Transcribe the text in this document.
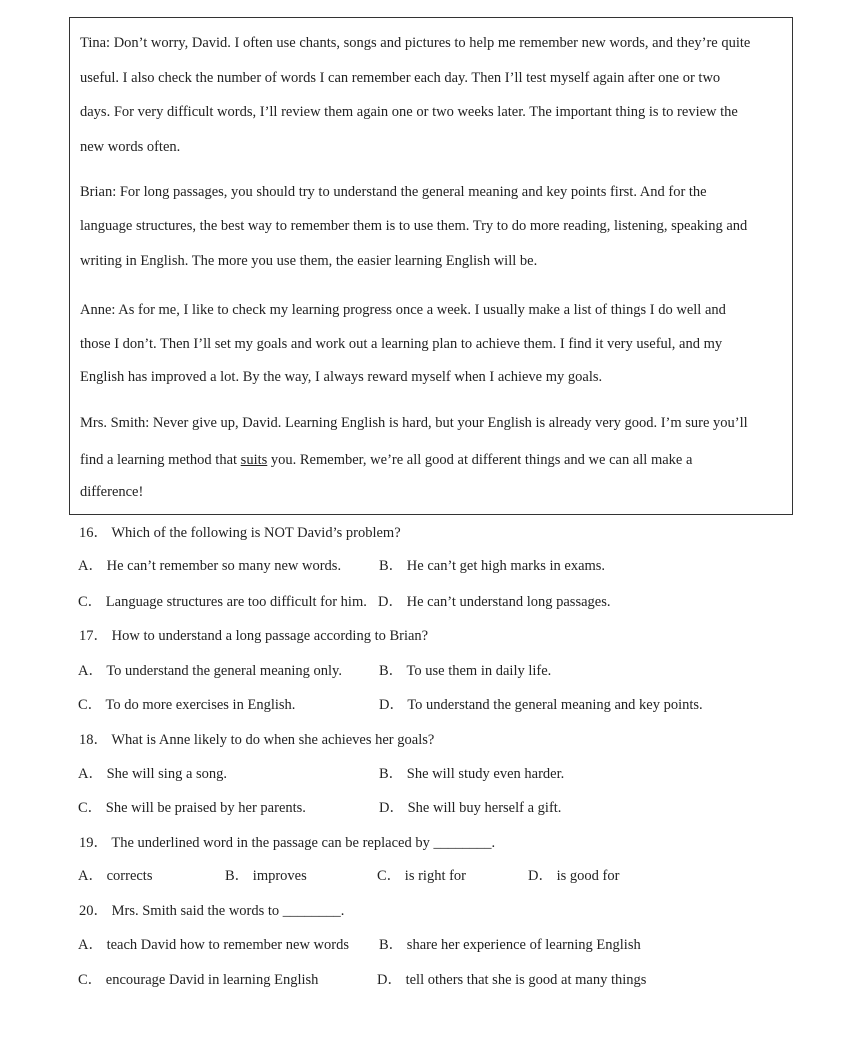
Tina: Don’t worry, David. I often use chants, songs and pictures to help me remember new words, and they’re quite
useful. I also check the number of words I can remember each day. Then I’ll test myself again after one or two
days. For very difficult words, I’ll review them again one or two weeks later. The important thing is to review the
new words often.
Brian: For long passages, you should try to understand the general meaning and key points first. And for the
language structures, the best way to remember them is to use them. Try to do more reading, listening, speaking and
writing in English. The more you use them, the easier learning English will be.
Anne: As for me, I like to check my learning progress once a week. I usually make a list of things I do well and
those I don’t. Then I’ll set my goals and work out a learning plan to achieve them. I find it very useful, and my
English has improved a lot. By the way, I always reward myself when I achieve my goals.
Mrs. Smith: Never give up, David. Learning English is hard, but your English is already very good. I’m sure you’ll
find a learning method that suits you. Remember, we’re all good at different things and we can all make a
difference!
16． Which of the following is NOT David’s problem?
A． He can’t remember so many new words.	B． He can’t get high marks in exams.
C． Language structures are too difficult for him. D． He can’t understand long passages.
17． How to understand a long passage according to Brian?
A． To understand the general meaning only.	B． To use them in daily life.
C． To do more exercises in English.	D． To understand the general meaning and key points.
18． What is Anne likely to do when she achieves her goals?
A． She will sing a song.	B． She will study even harder.
C． She will be praised by her parents.	D． She will buy herself a gift.
19． The underlined word in the passage can be replaced by ________.
A． corrects	B． improves	C． is right for	D． is good for
20． Mrs. Smith said the words to ________.
A． teach David how to remember new words B． share her experience of learning English
C． encourage David in learning English	D． tell others that she is good at many things
